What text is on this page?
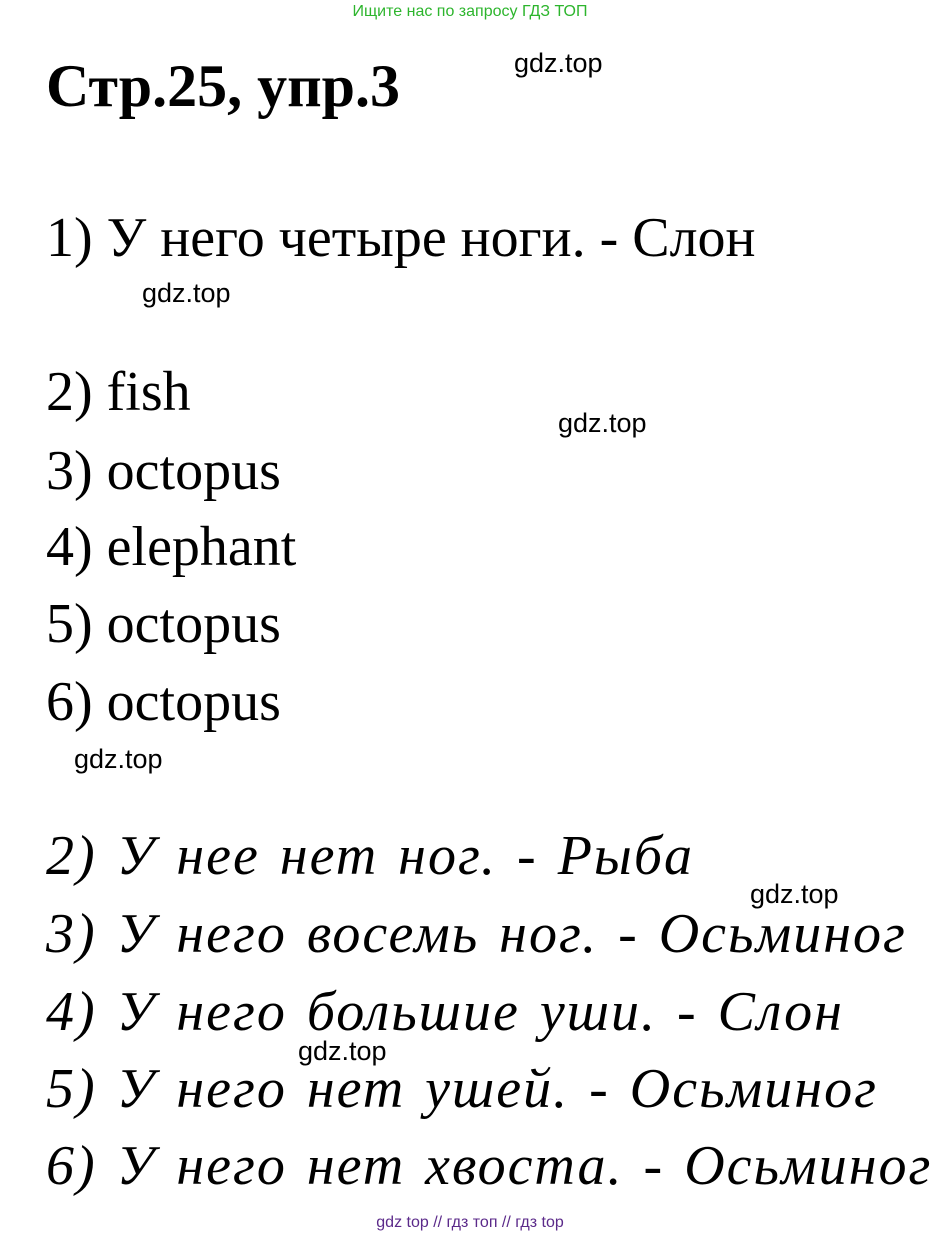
Ищите нас по запросу ГДЗ ТОП
Стр.25, упр.3	gdz.top
1) У него четыре ноги. - Слон
gdz.top
2) fish	gdz.top
3) octopus
4) elephant
5) octopus
6) octopus
gdz.top
2) У нее нет ног. - Рыба
gdz.top
3) У него восемь ног. - Осьминог
4) У него большие уши. - Слон
gdz.top
5) У него нет ушей. - Осьминог
6) У него нет хвоста. - Осьминог
gdz top // гдз топ // гдз top
